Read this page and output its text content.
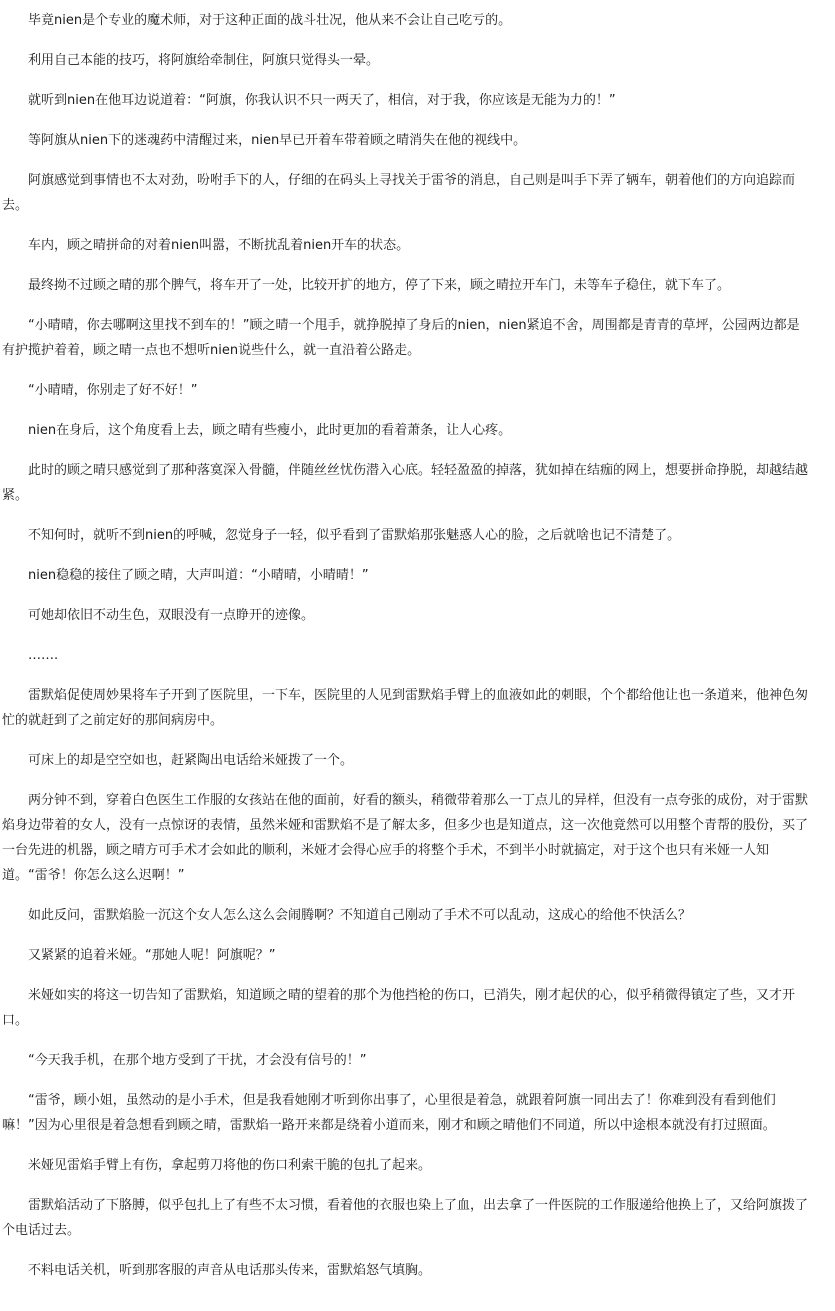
毕竟nien是个专业的魔术师，对于这种正面的战斗壮况，他从来不会让自己吃亏的。

利用自己本能的技巧，将阿旗给牵制住，阿旗只觉得头一晕。

就听到nien在他耳边说道着：“阿旗，你我认识不只一两天了，相信，对于我，你应该是无能为力的！”

等阿旗从nien下的迷魂药中清醒过来，nien早已开着车带着顾之晴消失在他的视线中。

阿旗感觉到事情也不太对劲，吩咐手下的人，仔细的在码头上寻找关于雷爷的消息，自己则是叫手下弄了辆车，朝着他们的方向追踪而去。

车内，顾之晴拼命的对着nien叫嚣，不断扰乱着nien开车的状态。

最终拗不过顾之晴的那个脾气，将车开了一处，比较开扩的地方，停了下来，顾之晴拉开车门，未等车子稳住，就下车了。

“小晴晴，你去哪啊这里找不到车的！”顾之晴一个甩手，就挣脱掉了身后的nien，nien紧追不舍，周围都是青青的草坪，公园两边都是有护揽护着着，顾之晴一点也不想听nien说些什么，就一直沿着公路走。

“小晴晴，你别走了好不好！”

nien在身后，这个角度看上去，顾之晴有些瘦小，此时更加的看着萧条，让人心疼。

此时的顾之晴只感觉到了那种落寞深入骨髓，伴随丝丝忧伤潜入心底。轻轻盈盈的掉落，犹如掉在结痂的网上，想要拼命挣脱，却越结越紧。

不知何时，就听不到nien的呼喊，忽觉身子一轻，似乎看到了雷默焰那张魅惑人心的脸，之后就啥也记不清楚了。

nien稳稳的接住了顾之晴，大声叫道：“小晴晴，小晴晴！”

可她却依旧不动生色，双眼没有一点睁开的迹像。

…….

雷默焰促使周妙果将车子开到了医院里，一下车，医院里的人见到雷默焰手臂上的血液如此的刺眼，个个都给他让也一条道来，他神色匆忙的就赶到了之前定好的那间病房中。

可床上的却是空空如也，赶紧陶出电话给米娅拨了一个。

两分钟不到，穿着白色医生工作服的女孩站在他的面前，好看的额头，稍微带着那么一丁点儿的异样，但没有一点夸张的成份，对于雷默焰身边带着的女人，没有一点惊讶的表情，虽然米娅和雷默焰不是了解太多，但多少也是知道点，这一次他竟然可以用整个青帮的股份，买了一台先进的机器，顾之晴方可手术才会如此的顺利，米娅才会得心应手的将整个手术，不到半小时就搞定，对于这个也只有米娅一人知道。“雷爷！你怎么这么迟啊！”

如此反问，雷默焰脸一沉这个女人怎么这么会闹腾啊？不知道自己刚动了手术不可以乱动，这成心的给他不快活么？

又紧紧的追着米娅。“那她人呢！阿旗呢？”

米娅如实的将这一切告知了雷默焰，知道顾之晴的望着的那个为他挡枪的伤口，已消失，刚才起伏的心，似乎稍微得镇定了些，又才开口。

“今天我手机，在那个地方受到了干扰，才会没有信号的！”

“雷爷，顾小姐，虽然动的是小手术，但是我看她刚才听到你出事了，心里很是着急，就跟着阿旗一同出去了！你难到没有看到他们嘛！”因为心里很是着急想看到顾之晴，雷默焰一路开来都是绕着小道而来，刚才和顾之晴他们不同道，所以中途根本就没有打过照面。

米娅见雷焰手臂上有伤，拿起剪刀将他的伤口利索干脆的包扎了起来。

雷默焰活动了下胳膊，似乎包扎上了有些不太习惯，看着他的衣服也染上了血，出去拿了一件医院的工作服递给他换上了，又给阿旗拨了个电话过去。

不料电话关机，听到那客服的声音从电话那头传来，雷默焰怒气填胸。
